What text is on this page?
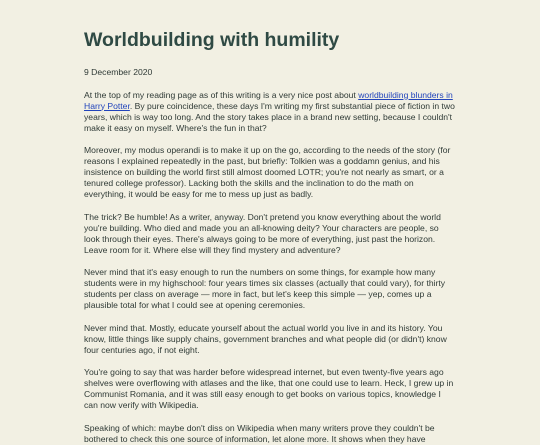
Worldbuilding with humility
9 December 2020

At the top of my reading page as of this writing is a very nice post about worldbuilding blunders in Harry Potter. By pure coincidence, these days I'm writing my first substantial piece of fiction in two years, which is way too long. And the story takes place in a brand new setting, because I couldn't make it easy on myself. Where's the fun in that?

Moreover, my modus operandi is to make it up on the go, according to the needs of the story (for reasons I explained repeatedly in the past, but briefly: Tolkien was a goddamn genius, and his insistence on building the world first still almost doomed LOTR; you're not nearly as smart, or a tenured college professor). Lacking both the skills and the inclination to do the math on everything, it would be easy for me to mess up just as badly.

The trick? Be humble! As a writer, anyway. Don't pretend you know everything about the world you're building. Who died and made you an all-knowing deity? Your characters are people, so look through their eyes. There's always going to be more of everything, just past the horizon. Leave room for it. Where else will they find mystery and adventure?

Never mind that it's easy enough to run the numbers on some things, for example how many students were in my highschool: four years times six classes (actually that could vary), for thirty students per class on average — more in fact, but let's keep this simple — yep, comes up a plausible total for what I could see at opening ceremonies.

Never mind that. Mostly, educate yourself about the actual world you live in and its history. You know, little things like supply chains, government branches and what people did (or didn't) know four centuries ago, if not eight.

You're going to say that was harder before widespread internet, but even twenty-five years ago shelves were overflowing with atlases and the like, that one could use to learn. Heck, I grew up in Communist Romania, and it was still easy enough to get books on various topics, knowledge I can now verify with Wikipedia.

Speaking of which: maybe don't diss on Wikipedia when many writers prove they couldn't be bothered to check this one source of information, let alone more. It shows when they have
